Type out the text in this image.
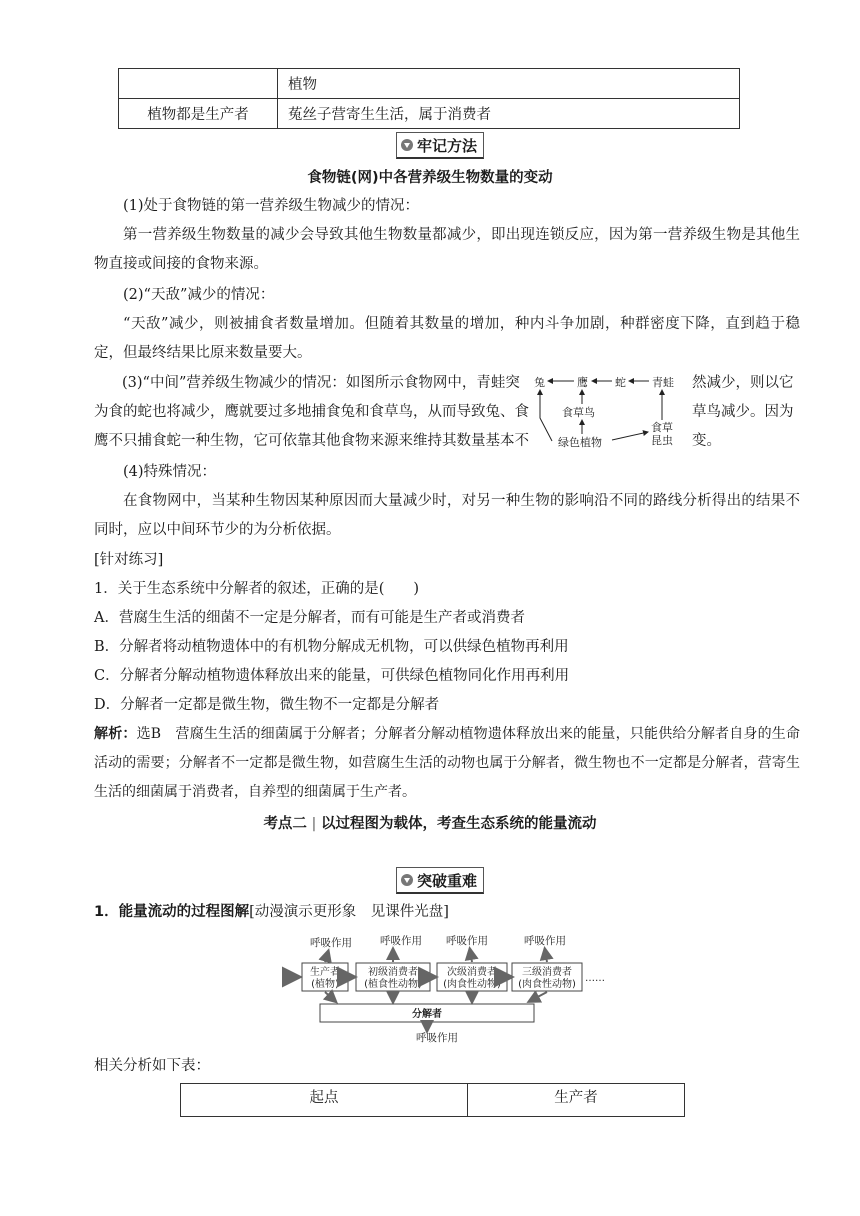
	植物
植物都是生产者	菟丝子营寄生生活，属于消费者
牢记方法
食物链(网)中各营养级生物数量的变动
(1)处于食物链的第一营养级生物减少的情况：
第一营养级生物数量的减少会导致其他生物数量都减少，即出现连锁反应，因为第一营养级生物是其他生物直接或间接的食物来源。
(2)“天敌”减少的情况：
“天敌”减少，则被捕食者数量增加。但随着其数量的增加，种内斗争加剧，种群密度下降，直到趋于稳定，但最终结果比原来数量要大。
(3)“中间”营养级生物减少的情况：如图所示食物网中，青蛙突
为食的蛇也将减少，鹰就要过多地捕食兔和食草鸟，从而导致兔、食
鹰不只捕食蛇一种生物，它可依靠其他食物来源来维持其数量基本不
然减少，则以它
草鸟减少。因为
变。
兔	鹰 蛇 青蛙
食草鸟
食草
昆虫
绿色植物
(4)特殊情况：
在食物网中，当某种生物因某种原因而大量减少时，对另一种生物的影响沿不同的路线分析得出的结果不同时，应以中间环节少的为分析依据。
[针对练习]
1．关于生态系统中分解者的叙述，正确的是(　　)
A．营腐生生活的细菌不一定是分解者，而有可能是生产者或消费者
B．分解者将动植物遗体中的有机物分解成无机物，可以供绿色植物再利用
C．分解者分解动植物遗体释放出来的能量，可供绿色植物同化作用再利用
D．分解者一定都是微生物，微生物不一定都是分解者
解析：选B　营腐生生活的细菌属于分解者；分解者分解动植物遗体释放出来的能量，只能供给分解者自身的生命活动的需要；分解者不一定都是微生物，如营腐生生活的动物也属于分解者，微生物也不一定都是分解者，营寄生生活的细菌属于消费者，自养型的细菌属于生产者。
考点二 | 以过程图为载体，考查生态系统的能量流动
突破重难
1．能量流动的过程图解[动漫演示更形象　见课件光盘]
呼吸作用	呼吸作用 呼吸作用	呼吸作用
呼吸作用
生产者
(植物)
初级消费者
(植食性动物)
次级消费者
(肉食性动物)
三级消费者
(肉食性动物)
分解者
……
相关分析如下表：
起点	生产者
